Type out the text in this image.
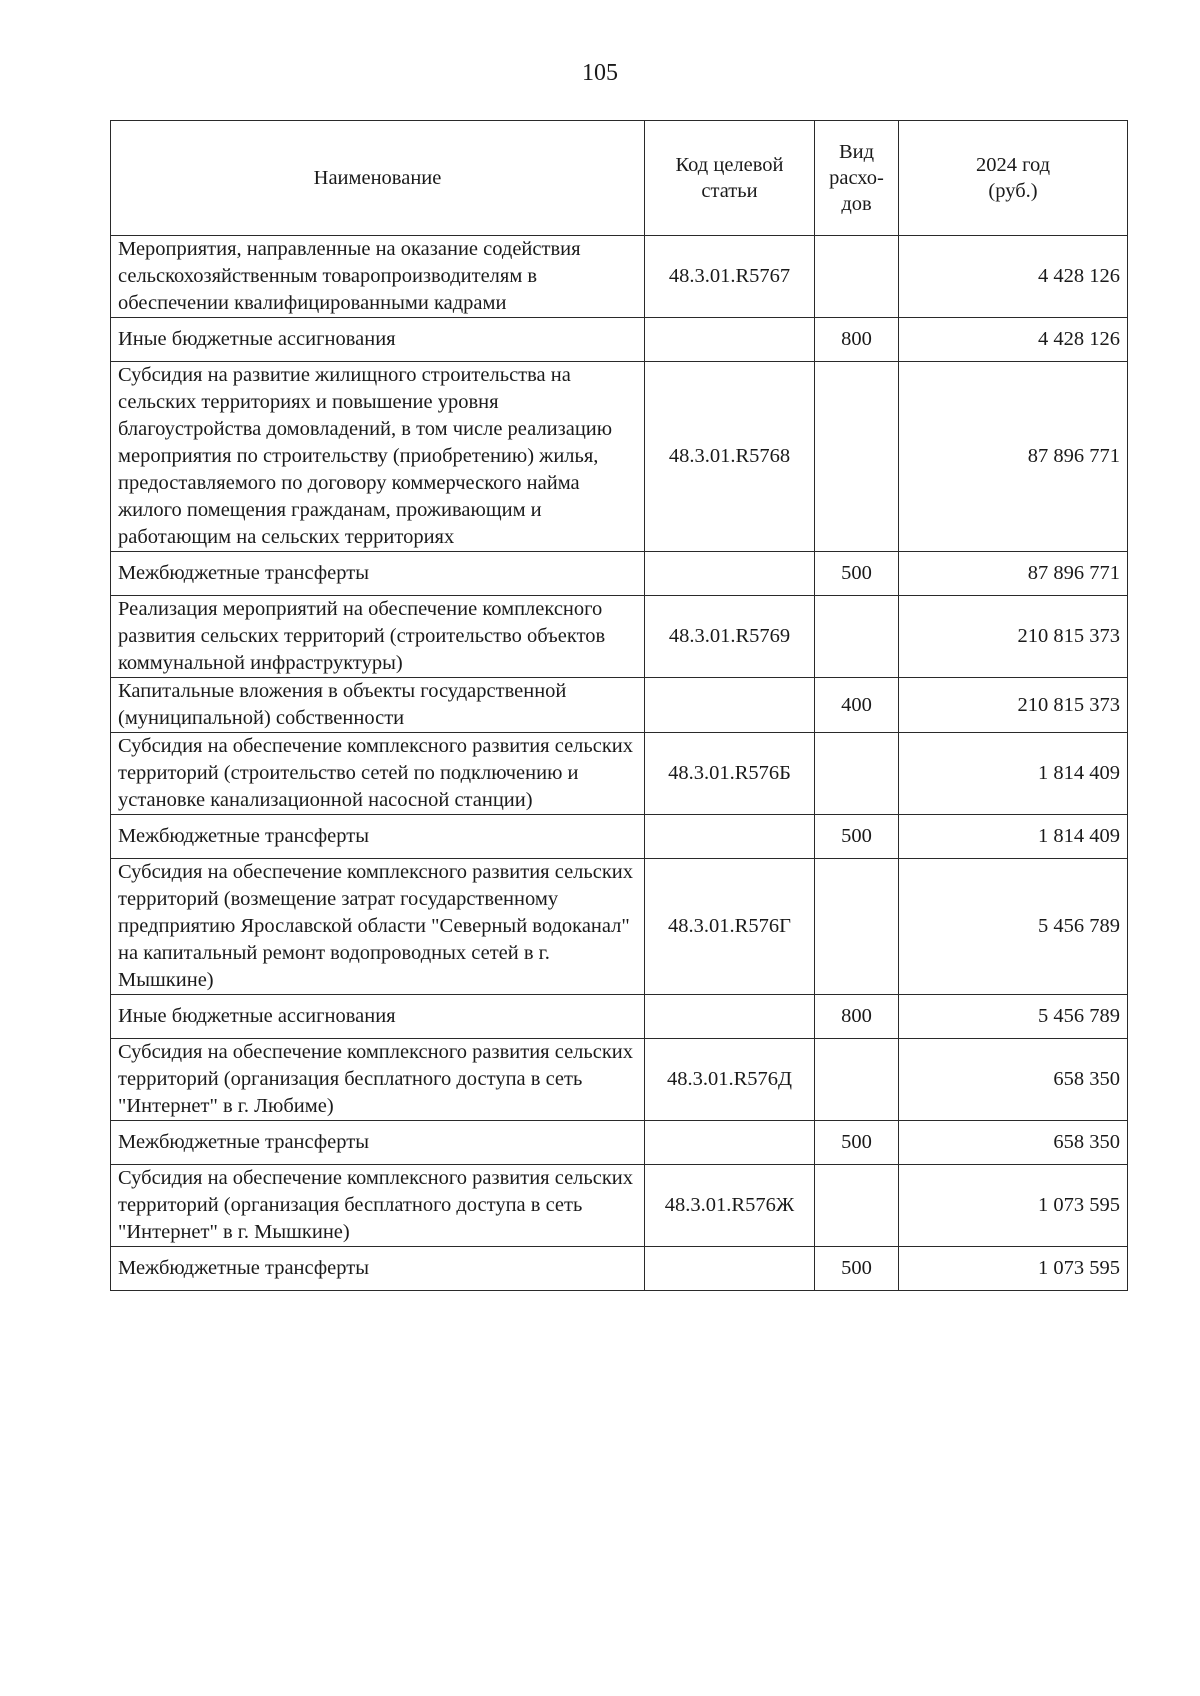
105
Наименование	Код целевой статьи	Вид расхо-дов	2024 год (руб.)
Мероприятия, направленные на оказание содействия сельскохозяйственным товаропроизводителям в обеспечении квалифицированными кадрами	48.3.01.R5767		4 428 126
Иные бюджетные ассигнования		800	4 428 126
Субсидия на развитие жилищного строительства на сельских территориях и повышение уровня благоустройства домовладений, в том числе реализацию мероприятия по строительству (приобретению) жилья, предоставляемого по договору коммерческого найма жилого помещения гражданам, проживающим и работающим на сельских территориях	48.3.01.R5768		87 896 771
Межбюджетные трансферты		500	87 896 771
Реализация мероприятий на обеспечение комплексного развития сельских территорий (строительство объектов коммунальной инфраструктуры)	48.3.01.R5769		210 815 373
Капитальные вложения в объекты государственной (муниципальной) собственности		400	210 815 373
Субсидия на обеспечение комплексного развития сельских территорий (строительство сетей по подключению и установке канализационной насосной станции)	48.3.01.R576Б		1 814 409
Межбюджетные трансферты		500	1 814 409
Субсидия на обеспечение комплексного развития сельских территорий (возмещение затрат государственному предприятию Ярославской области "Северный водоканал" на капитальный ремонт водопроводных сетей в г. Мышкине)	48.3.01.R576Г		5 456 789
Иные бюджетные ассигнования		800	5 456 789
Субсидия на обеспечение комплексного развития сельских территорий (организация бесплатного доступа в сеть "Интернет" в г. Любиме)	48.3.01.R576Д		658 350
Межбюджетные трансферты		500	658 350
Субсидия на обеспечение комплексного развития сельских территорий (организация бесплатного доступа в сеть "Интернет" в г. Мышкине)	48.3.01.R576Ж		1 073 595
Межбюджетные трансферты		500	1 073 595
